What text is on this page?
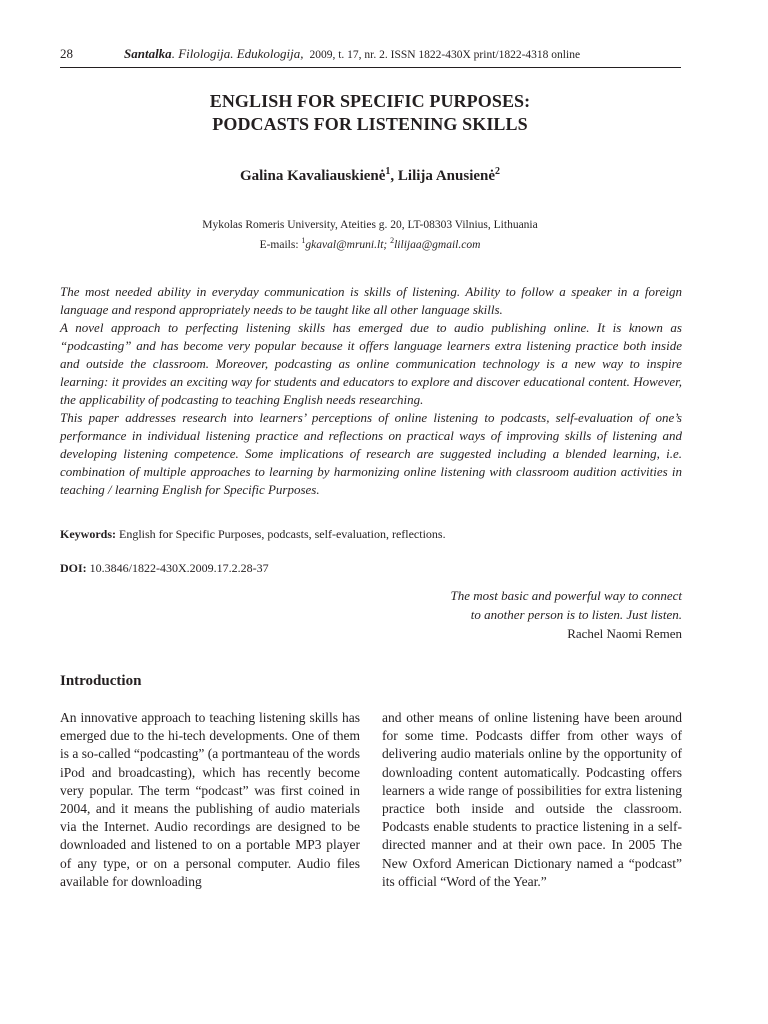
28	Santalka. Filologija. Edukologija, 2009, t. 17, nr. 2. ISSN 1822-430X print/1822-4318 online
ENGLISH FOR SPECIFIC PURPOSES:
PODCASTS FOR LISTENING SKILLS
Galina Kavaliauskienė$^1$, Lilija Anusienė$^2$
Mykolas Romeris University, Ateities g. 20, LT-08303 Vilnius, Lithuania
E-mails: $^1$gkaval@mruni.lt; $^2$lilijaa@gmail.com

The most needed ability in everyday communication is skills of listening. Ability to follow a speaker in a foreign language and respond appropriately needs to be taught like all other language skills.

A novel approach to perfecting listening skills has emerged due to audio publishing online. It is known as “podcasting” and has become very popular because it offers language learners extra listening practice both inside and outside the classroom. Moreover, podcasting as online communication technology is a new way to inspire learning: it provides an exciting way for students and educators to explore and discover educational content. However, the applicability of podcasting to teaching English needs researching.

This paper addresses research into learners’ perceptions of online listening to podcasts, self-evaluation of one’s performance in individual listening practice and reflections on practical ways of improving skills of listening and developing listening competence. Some implications of research are suggested including a blended learning, i.e. combination of multiple approaches to learning by harmonizing online listening with classroom audition activities in teaching / learning English for Specific Purposes.

Keywords: English for Specific Purposes, podcasts, self-evaluation, reflections.
DOI: 10.3846/1822-430X.2009.17.2.28-37
The most basic and powerful way to connect
to another person is to listen. Just listen.
Rachel Naomi Remen
Introduction
An innovative approach to teaching listening skills has emerged due to the hi-tech developments. One of them is a so-called “podcasting” (a portmanteau of the words iPod and broadcasting), which has recently become very popular. The term “podcast” was first coined in 2004, and it means the publishing of audio materials via the Internet. Audio recordings are designed to be downloaded and listened to on a portable MP3 player of any type, or on a personal computer. Audio files available for downloading
and other means of online listening have been around for some time. Podcasts differ from other ways of delivering audio materials online by the opportunity of downloading content automatically. Podcasting offers learners a wide range of possibilities for extra listening practice both inside and outside the classroom. Podcasts enable students to practice listening in a self-directed manner and at their own pace. In 2005 The New Oxford American Dictionary named a “podcast” its official “Word of the Year.”
